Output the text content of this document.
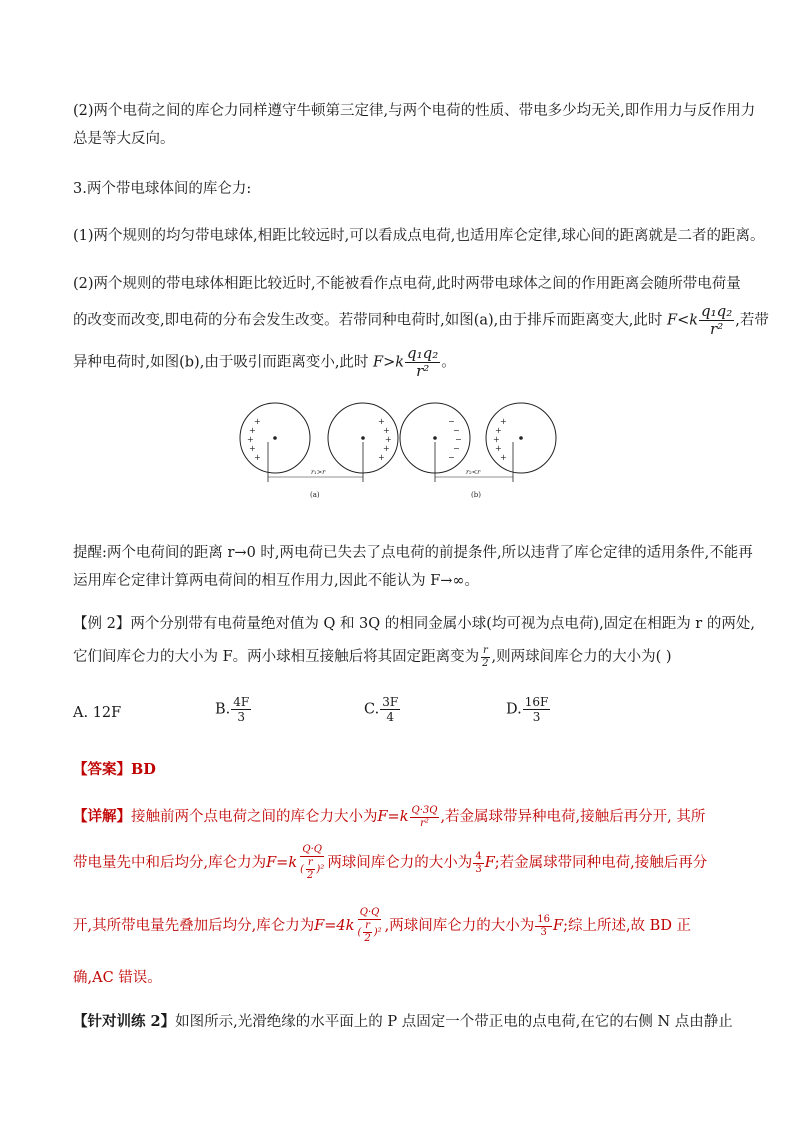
(2)两个电荷之间的库仑力同样遵守牛顿第三定律,与两个电荷的性质、带电多少均无关,即作用力与反作用力
总是等大反向。
3.两个带电球体间的库仑力:
(1)两个规则的均匀带电球体,相距比较远时,可以看成点电荷,也适用库仑定律,球心间的距离就是二者的距离。
(2)两个规则的带电球体相距比较近时,不能被看作点电荷,此时两带电球体之间的作用距离会随所带电荷量
的改变而改变,即电荷的分布会发生改变。若带同种电荷时,如图(a),由于排斥而距离变大,此时 $F<k \frac{\text{q₁q₂}}{\text{r²}}$ ,若带
异种电荷时,如图(b),由于吸引而距离变小,此时 $F>k \frac{\text{q₁q₂}}{\text{r²}}$ 。
+
+
+
+
+
+
+
+
+
+
−
−
−
−
−
+
+
+
+
+
r₁>r	r₂<r
(a)	(b)
提醒:两个电荷间的距离 r→0 时,两电荷已失去了点电荷的前提条件,所以违背了库仑定律的适用条件,不能再
运用库仑定律计算两电荷间的相互作用力,因此不能认为 F→∞。
【例 2】两个分别带有电荷量绝对值为 Q 和 3Q 的相同金属小球(均可视为点电荷),固定在相距为 r 的两处,
它们间库仑力的大小为 F。两小球相互接触后将其固定距离变为 $\frac{r}{2}$ ,则两球间库仑力的大小为( )
A. 12F	B. $\frac{4F}{3}$	C. $\frac{3F}{4}$	D. $\frac{16F}{3}$
【答案】BD
【详解】接触前两个点电荷之间的库仑力大小为$F=k \frac{Q\cdot 3Q}{\text{r²}}$ ,若金属球带异种电荷,接触后再分开, 其所
带电量先中和后均分,库仑力为$F=k \frac{Q\cdot Q}{( \frac{r}{2} )^2}$ 两球间库仑力的大小为 $\frac{4}{3} F$;若金属球带同种电荷,接触后再分
开,其所带电量先叠加后均分,库仑力为$F=4k \frac{Q\cdot Q}{( \frac{r}{2} )^2}$ ,两球间库仑力的大小为 $\frac{16}{3} F$;综上所述,故 BD 正
确,AC 错误。
【针对训练 2】如图所示,光滑绝缘的水平面上的 P 点固定一个带正电的点电荷,在它的右侧 N 点由静止
